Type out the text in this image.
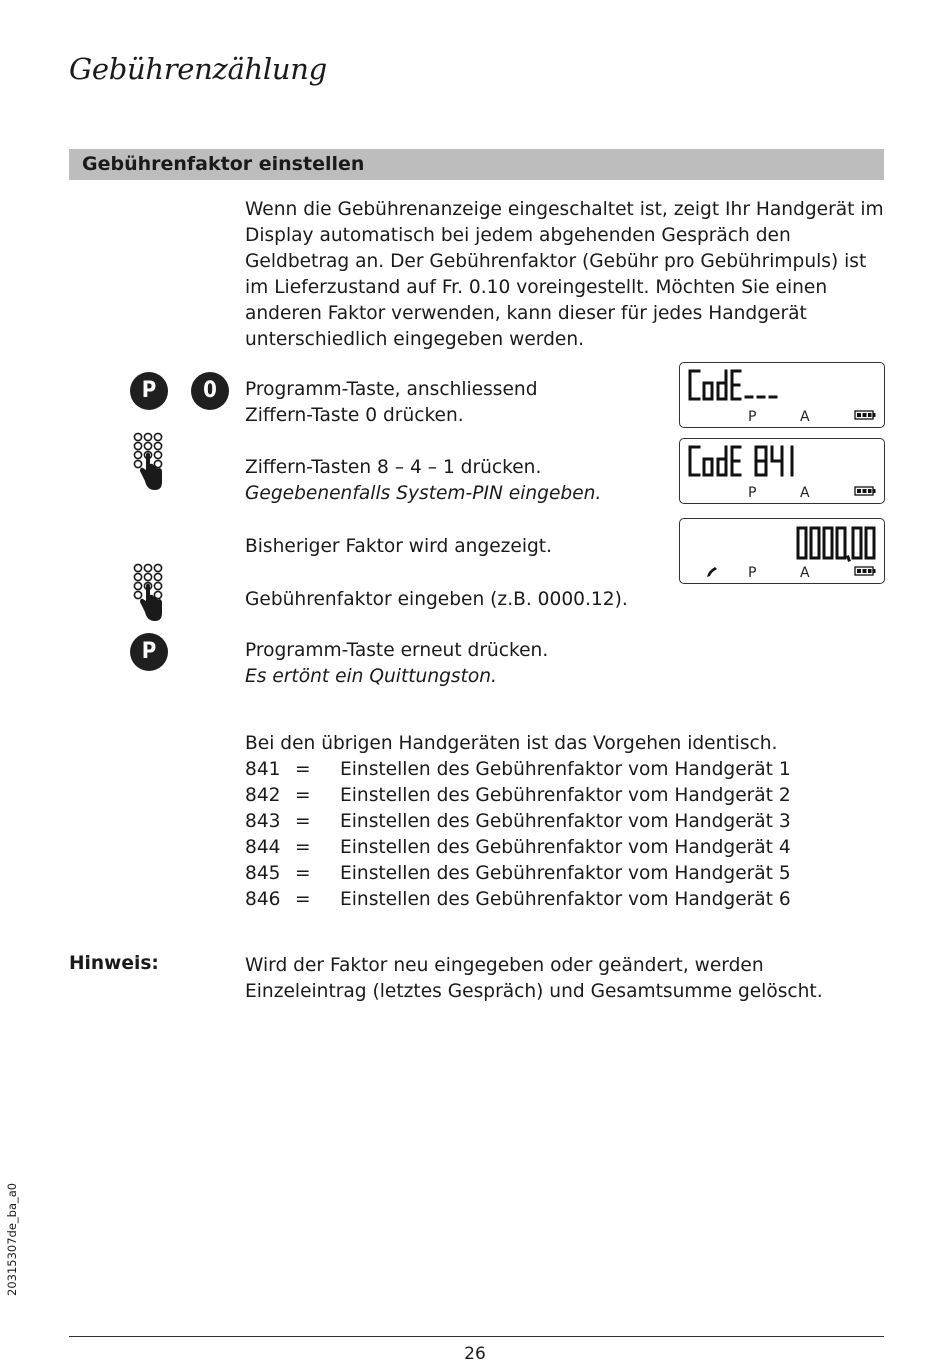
Gebührenzählung
Gebührenfaktor einstellen
Wenn die Gebührenanzeige eingeschaltet ist, zeigt Ihr Handgerät im Display automatisch bei jedem abgehenden Gespräch den Geldbetrag an. Der Gebührenfaktor (Gebühr pro Gebührimpuls) ist im Lieferzustand auf Fr. 0.10 voreingestellt. Möchten Sie einen anderen Faktor verwenden, kann dieser für jedes Handgerät unterschiedlich eingegeben werden.
P	0
P
Programm-Taste, anschliessend
Ziffern-Taste 0 drücken.
Ziffern-Tasten 8 – 4 – 1 drücken.
Gegebenenfalls System-PIN eingeben.
Bisheriger Faktor wird angezeigt.
Gebührenfaktor eingeben (z.B. 0000.12).
Programm-Taste erneut drücken.
Es ertönt ein Quittungston.
P	A
P	A
P	A
Bei den übrigen Handgeräten ist das Vorgehen identisch.
841 = Einstellen des Gebührenfaktor vom Handgerät 1
842 = Einstellen des Gebührenfaktor vom Handgerät 2
843 = Einstellen des Gebührenfaktor vom Handgerät 3
844 = Einstellen des Gebührenfaktor vom Handgerät 4
845 = Einstellen des Gebührenfaktor vom Handgerät 5
846 = Einstellen des Gebührenfaktor vom Handgerät 6
Hinweis:	Wird der Faktor neu eingegeben oder geändert, werden Einzeleintrag (letztes Gespräch) und Gesamtsumme gelöscht.
20315307de_ba_a0
26
